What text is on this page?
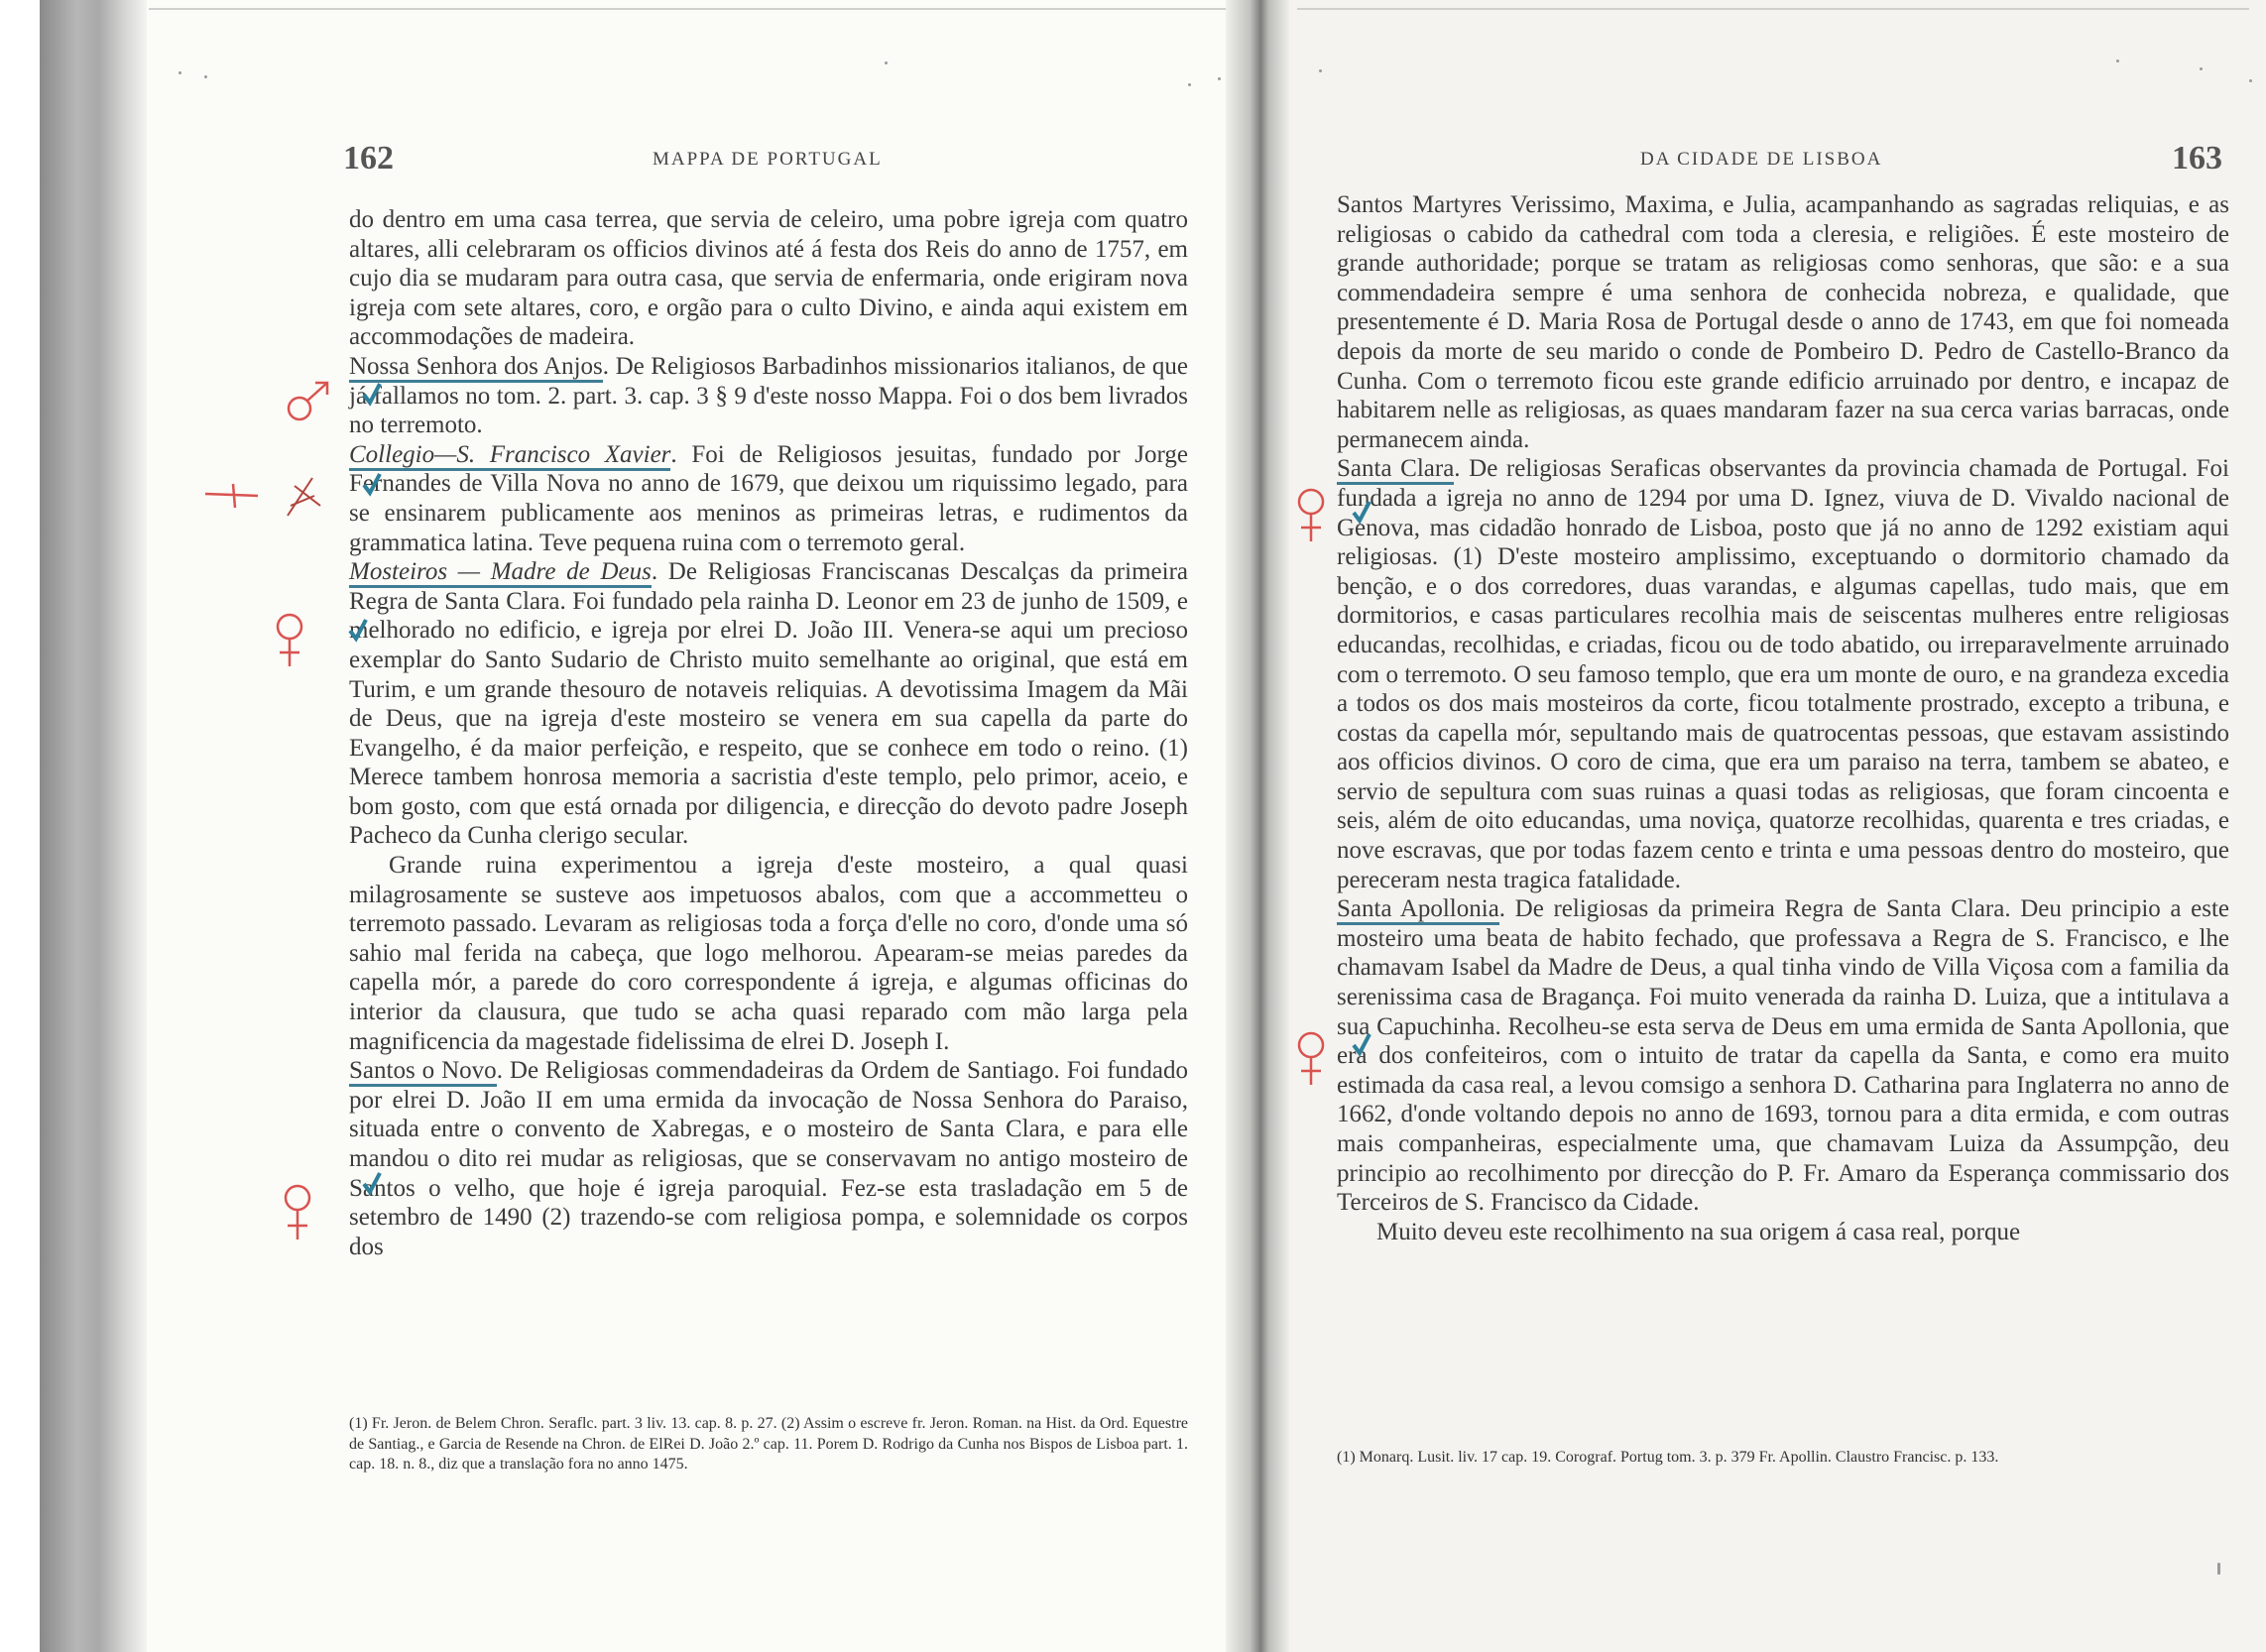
162	MAPPA DE PORTUGAL

do dentro em uma casa terrea, que servia de celeiro, uma pobre igreja com quatro altares, alli celebraram os officios divinos até á festa dos Reis do anno de 1757, em cujo dia se mudaram para outra casa, que servia de enfermaria, onde erigiram nova igreja com sete altares, coro, e orgão para o culto Divino, e ainda aqui existem em accommodações de madeira.

Nossa Senhora dos Anjos. De Religiosos Barbadinhos missionarios italianos, de que já fallamos no tom. 2. part. 3. cap. 3 § 9 d'este nosso Mappa. Foi o dos bem livrados no terremoto.

Collegio—S. Francisco Xavier. Foi de Religiosos jesuitas, fundado por Jorge Fernandes de Villa Nova no anno de 1679, que deixou um riquissimo legado, para se ensinarem publicamente aos meninos as primeiras letras, e rudimentos da grammatica latina. Teve pequena ruina com o terremoto geral.

Mosteiros — Madre de Deus. De Religiosas Franciscanas Descalças da primeira Regra de Santa Clara. Foi fundado pela rainha D. Leonor em 23 de junho de 1509, e melhorado no edificio, e igreja por elrei D. João III. Venera-se aqui um precioso exemplar do Santo Sudario de Christo muito semelhante ao original, que está em Turim, e um grande thesouro de notaveis reliquias. A devotissima Imagem da Mãi de Deus, que na igreja d'este mosteiro se venera em sua capella da parte do Evangelho, é da maior perfeição, e respeito, que se conhece em todo o reino. (1) Merece tambem honrosa memoria a sacristia d'este templo, pelo primor, aceio, e bom gosto, com que está ornada por diligencia, e direcção do devoto padre Joseph Pacheco da Cunha clerigo secular.

Grande ruina experimentou a igreja d'este mosteiro, a qual quasi milagrosamente se susteve aos impetuosos abalos, com que a accommetteu o terremoto passado. Levaram as religiosas toda a força d'elle no coro, d'onde uma só sahio mal ferida na cabeça, que logo melhorou. Apearam-se meias paredes da capella mór, a parede do coro correspondente á igreja, e algumas officinas do interior da clausura, que tudo se acha quasi reparado com mão larga pela magnificencia da magestade fidelissima de elrei D. Joseph I.

Santos o Novo. De Religiosas commendadeiras da Ordem de Santiago. Foi fundado por elrei D. João II em uma ermida da invocação de Nossa Senhora do Paraiso, situada entre o convento de Xabregas, e o mosteiro de Santa Clara, e para elle mandou o dito rei mudar as religiosas, que se conservavam no antigo mosteiro de Santos o velho, que hoje é igreja paroquial. Fez-se esta trasladação em 5 de setembro de 1490 (2) trazendo-se com religiosa pompa, e solemnidade os corpos dos

(1) Fr. Jeron. de Belem Chron. Seraflc. part. 3 liv. 13. cap. 8. p. 27. (2) Assim o escreve fr. Jeron. Roman. na Hist. da Ord. Equestre de Santiag., e Garcia de Resende na Chron. de ElRei D. João 2.º cap. 11. Porem D. Rodrigo da Cunha nos Bispos de Lisboa part. 1. cap. 18. n. 8., diz que a translação fora no anno 1475.
DA CIDADE DE LISBOA	163

Santos Martyres Verissimo, Maxima, e Julia, acampanhando as sagradas reliquias, e as religiosas o cabido da cathedral com toda a cleresia, e religiões. É este mosteiro de grande authoridade; porque se tratam as religiosas como senhoras, que são: e a sua commendadeira sempre é uma senhora de conhecida nobreza, e qualidade, que presentemente é D. Maria Rosa de Portugal desde o anno de 1743, em que foi nomeada depois da morte de seu marido o conde de Pombeiro D. Pedro de Castello-Branco da Cunha. Com o terremoto ficou este grande edificio arruinado por dentro, e incapaz de habitarem nelle as religiosas, as quaes mandaram fazer na sua cerca varias barracas, onde permanecem ainda.

Santa Clara. De religiosas Seraficas observantes da provincia chamada de Portugal. Foi fundada a igreja no anno de 1294 por uma D. Ignez, viuva de D. Vivaldo nacional de Genova, mas cidadão honrado de Lisboa, posto que já no anno de 1292 existiam aqui religiosas. (1) D'este mosteiro amplissimo, exceptuando o dormitorio chamado da benção, e o dos corredores, duas varandas, e algumas capellas, tudo mais, que em dormitorios, e casas particulares recolhia mais de seiscentas mulheres entre religiosas educandas, recolhidas, e criadas, ficou ou de todo abatido, ou irreparavelmente arruinado com o terremoto. O seu famoso templo, que era um monte de ouro, e na grandeza excedia a todos os dos mais mosteiros da corte, ficou totalmente prostrado, excepto a tribuna, e costas da capella mór, sepultando mais de quatrocentas pessoas, que estavam assistindo aos officios divinos. O coro de cima, que era um paraiso na terra, tambem se abateo, e servio de sepultura com suas ruinas a quasi todas as religiosas, que foram cincoenta e seis, além de oito educandas, uma noviça, quatorze recolhidas, quarenta e tres criadas, e nove escravas, que por todas fazem cento e trinta e uma pessoas dentro do mosteiro, que pereceram nesta tragica fatalidade.

Santa Apollonia. De religiosas da primeira Regra de Santa Clara. Deu principio a este mosteiro uma beata de habito fechado, que professava a Regra de S. Francisco, e lhe chamavam Isabel da Madre de Deus, a qual tinha vindo de Villa Viçosa com a familia da serenissima casa de Bragança. Foi muito venerada da rainha D. Luiza, que a intitulava a sua Capuchinha. Recolheu-se esta serva de Deus em uma ermida de Santa Apollonia, que era dos confeiteiros, com o intuito de tratar da capella da Santa, e como era muito estimada da casa real, a levou comsigo a senhora D. Catharina para Inglaterra no anno de 1662, d'onde voltando depois no anno de 1693, tornou para a dita ermida, e com outras mais companheiras, especialmente uma, que chamavam Luiza da Assumpção, deu principio ao recolhimento por direcção do P. Fr. Amaro da Esperança commissario dos Terceiros de S. Francisco da Cidade.

Muito deveu este recolhimento na sua origem á casa real, porque

(1) Monarq. Lusit. liv. 17 cap. 19. Corograf. Portug tom. 3. p. 379 Fr. Apollin. Claustro Francisc. p. 133.
